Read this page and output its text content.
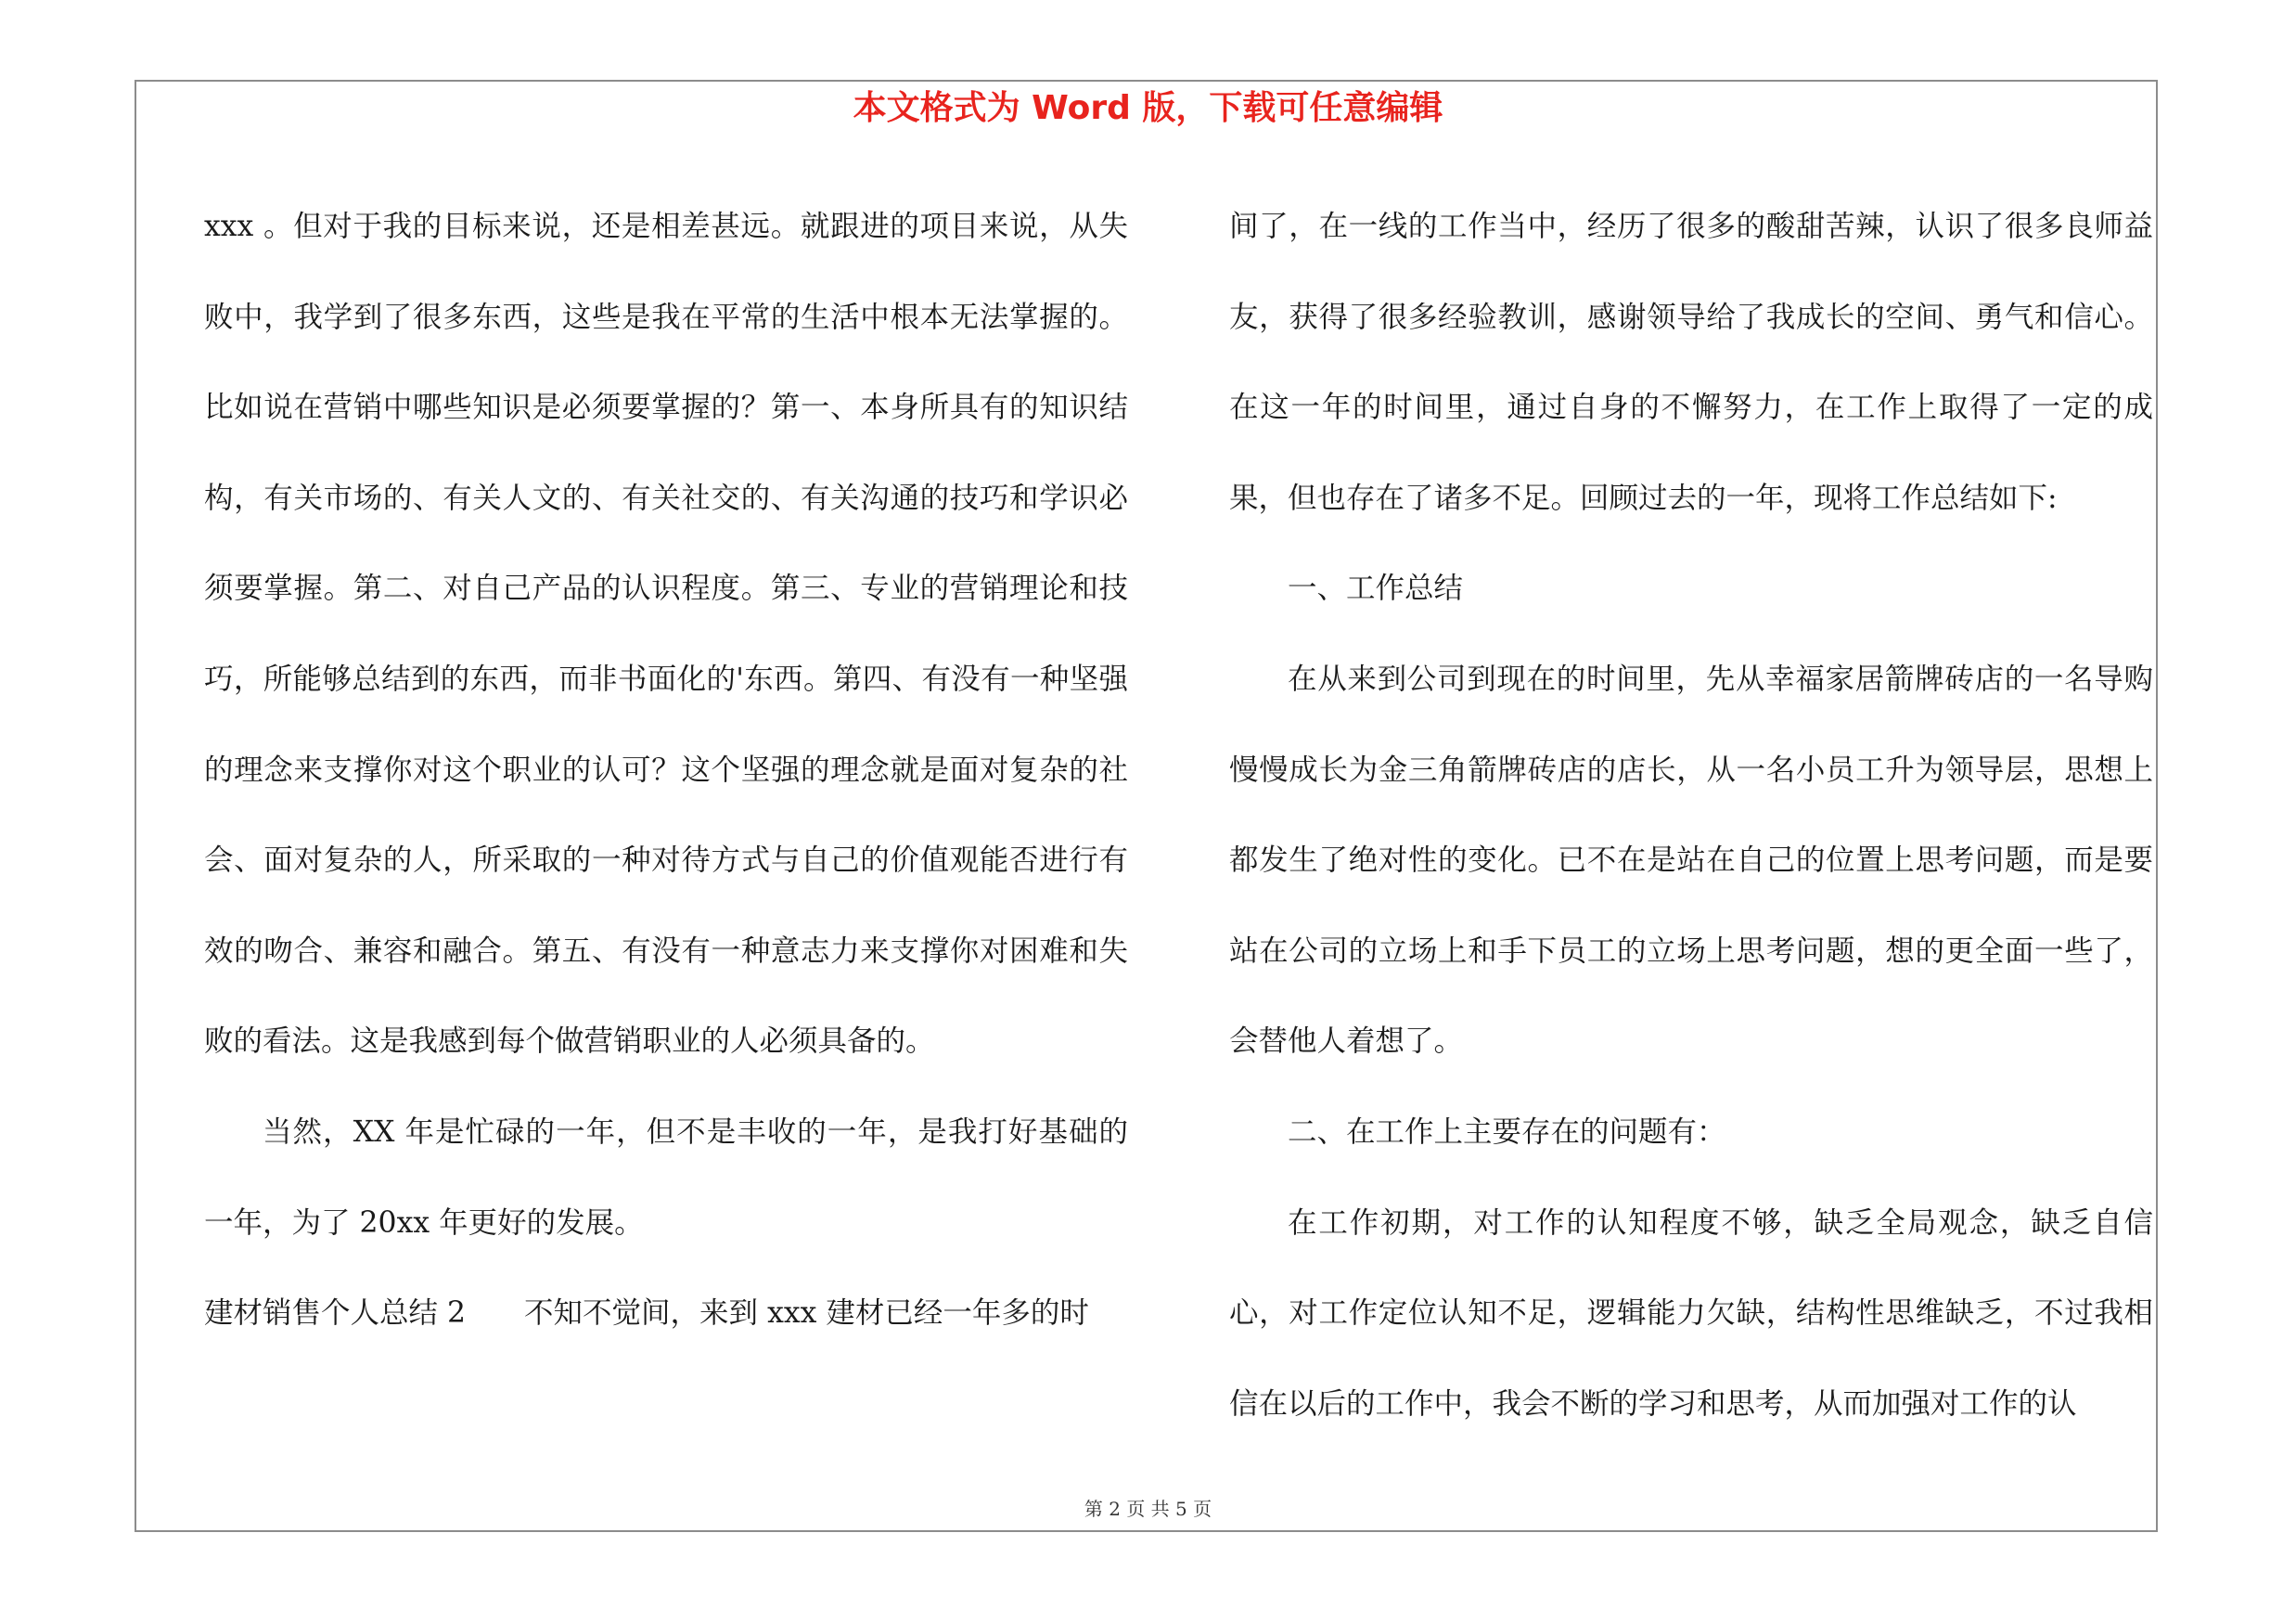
本文格式为 Word 版，下载可任意编辑

xxx 。但对于我的目标来说，还是相差甚远。就跟进的项目来说，从失败中，我学到了很多东西，这些是我在平常的生活中根本无法掌握的。比如说在营销中哪些知识是必须要掌握的？第一、本身所具有的知识结构，有关市场的、有关人文的、有关社交的、有关沟通的技巧和学识必须要掌握。第二、对自己产品的认识程度。第三、专业的营销理论和技巧，所能够总结到的东西，而非书面化的'东西。第四、有没有一种坚强的理念来支撑你对这个职业的认可？这个坚强的理念就是面对复杂的社会、面对复杂的人，所采取的一种对待方式与自己的价值观能否进行有效的吻合、兼容和融合。第五、有没有一种意志力来支撑你对困难和失败的看法。这是我感到每个做营销职业的人必须具备的。

当然，XX 年是忙碌的一年，但不是丰收的一年，是我打好基础的一年，为了 20xx 年更好的发展。

建材销售个人总结 2　　不知不觉间，来到 xxx 建材已经一年多的时

间了，在一线的工作当中，经历了很多的酸甜苦辣，认识了很多良师益友，获得了很多经验教训，感谢领导给了我成长的空间、勇气和信心。在这一年的时间里，通过自身的不懈努力，在工作上取得了一定的成果，但也存在了诸多不足。回顾过去的一年，现将工作总结如下:

一、工作总结

在从来到公司到现在的时间里，先从幸福家居箭牌砖店的一名导购慢慢成长为金三角箭牌砖店的店长，从一名小员工升为领导层，思想上都发生了绝对性的变化。已不在是站在自己的位置上思考问题，而是要站在公司的立场上和手下员工的立场上思考问题，想的更全面一些了，会替他人着想了。

二、在工作上主要存在的问题有：

在工作初期，对工作的认知程度不够，缺乏全局观念，缺乏自信心，对工作定位认知不足，逻辑能力欠缺，结构性思维缺乏，不过我相信在以后的工作中，我会不断的学习和思考，从而加强对工作的认

第 2 页 共 5 页
